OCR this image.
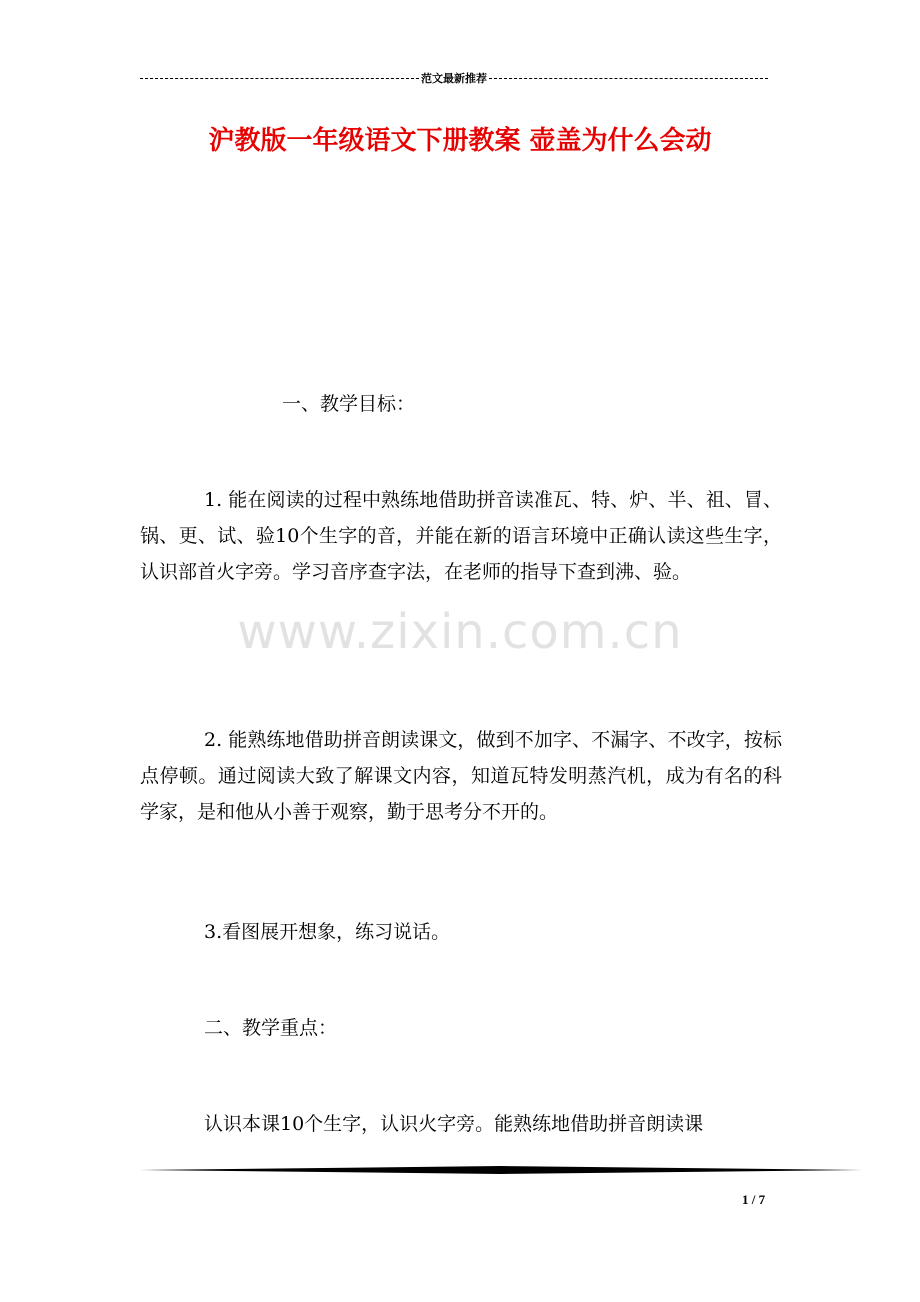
范文最新推荐
沪教版一年级语文下册教案 壶盖为什么会动
一、教学目标：
1. 能在阅读的过程中熟练地借助拼音读准瓦、特、炉、半、祖、冒、锅、更、试、验10个生字的音，并能在新的语言环境中正确认读这些生字，认识部首火字旁。学习音序查字法，在老师的指导下查到沸、验。
2. 能熟练地借助拼音朗读课文，做到不加字、不漏字、不改字，按标点停顿。通过阅读大致了解课文内容，知道瓦特发明蒸汽机，成为有名的科学家，是和他从小善于观察，勤于思考分不开的。
3.看图展开想象，练习说话。
二、教学重点：
认识本课10个生字，认识火字旁。能熟练地借助拼音朗读课
www.zixin.com.cn
1 / 7
